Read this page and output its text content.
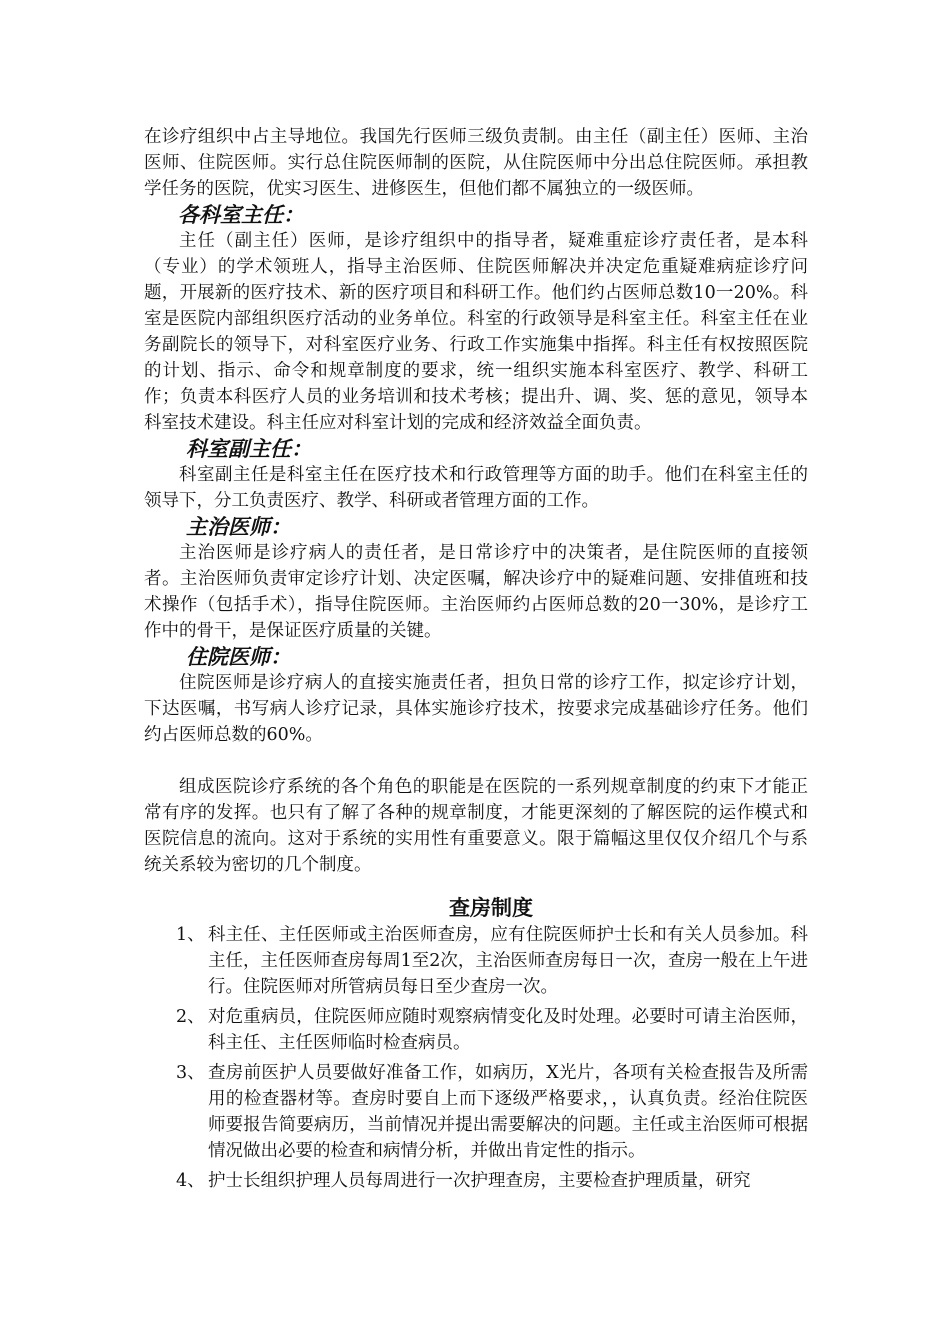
在诊疗组织中占主导地位。我国先行医师三级负责制。由主任（副主任）医师、主治医师、住院医师。实行总住院医师制的医院，从住院医师中分出总住院医师。承担教学任务的医院，优实习医生、进修医生，但他们都不属独立的一级医师。

各科室主任：

主任（副主任）医师，是诊疗组织中的指导者，疑难重症诊疗责任者，是本科（专业）的学术领班人，指导主治医师、住院医师解决并决定危重疑难病症诊疗问题，开展新的医疗技术、新的医疗项目和科研工作。他们约占医师总数10一20%。科室是医院内部组织医疗活动的业务单位。科室的行政领导是科室主任。科室主任在业务副院长的领导下，对科室医疗业务、行政工作实施集中指挥。科主任有权按照医院的计划、指示、命令和规章制度的要求，统一组织实施本科室医疗、教学、科研工作；负责本科医疗人员的业务培训和技术考核；提出升、调、奖、惩的意见，领导本科室技术建设。科主任应对科室计划的完成和经济效益全面负责。

科室副主任：

科室副主任是科室主任在医疗技术和行政管理等方面的助手。他们在科室主任的领导下，分工负责医疗、教学、科研或者管理方面的工作。

主治医师：

主治医师是诊疗病人的责任者，是日常诊疗中的决策者，是住院医师的直接领者。主治医师负责审定诊疗计划、决定医嘱，解决诊疗中的疑难问题、安排值班和技术操作（包括手术），指导住院医师。主治医师约占医师总数的20一30%，是诊疗工作中的骨干，是保证医疗质量的关键。

住院医师：

住院医师是诊疗病人的直接实施责任者，担负日常的诊疗工作，拟定诊疗计划，下达医嘱，书写病人诊疗记录，具体实施诊疗技术，按要求完成基础诊疗任务。他们约占医师总数的60%。

组成医院诊疗系统的各个角色的职能是在医院的一系列规章制度的约束下才能正常有序的发挥。也只有了解了各种的规章制度，才能更深刻的了解医院的运作模式和医院信息的流向。这对于系统的实用性有重要意义。限于篇幅这里仅仅介绍几个与系统关系较为密切的几个制度。

查房制度
1、 科主任、主任医师或主治医师查房，应有住院医师护士长和有关人员参加。科主任，主任医师查房每周1至2次，主治医师查房每日一次，查房一般在上午进行。住院医师对所管病员每日至少查房一次。
2、 对危重病员，住院医师应随时观察病情变化及时处理。必要时可请主治医师，科主任、主任医师临时检查病员。
3、 查房前医护人员要做好准备工作，如病历，X光片，各项有关检查报告及所需用的检查器材等。查房时要自上而下逐级严格要求，，认真负责。经治住院医师要报告简要病历，当前情况并提出需要解决的问题。主任或主治医师可根据情况做出必要的检查和病情分析，并做出肯定性的指示。
4、 护士长组织护理人员每周进行一次护理查房，主要检查护理质量，研究
